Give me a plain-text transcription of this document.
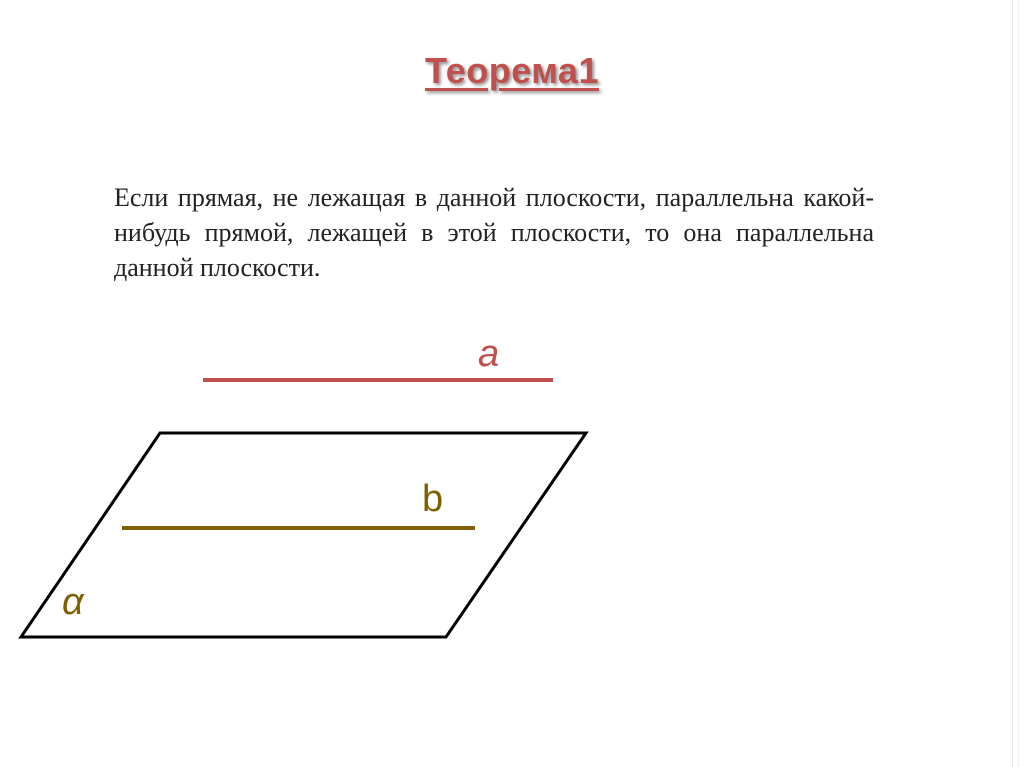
Теорема1
Если прямая, не лежащая в данной плоскости, параллельна какой-нибудь прямой, лежащей в этой плоскости, то она параллельна данной плоскости.
a
b
α
